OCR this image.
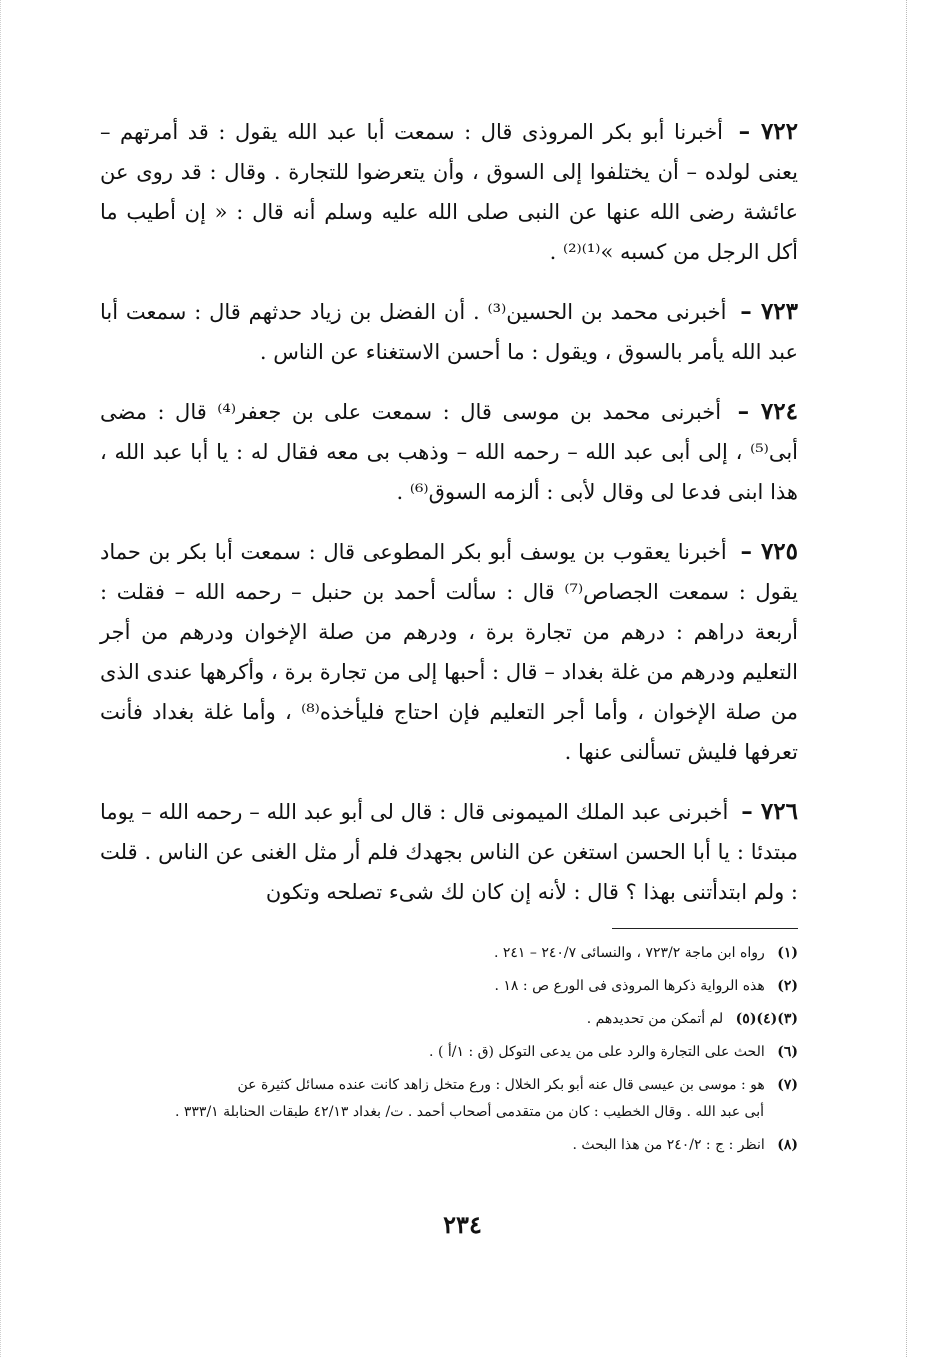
٧٢٢ – أخبرنا أبو بكر المروذى قال : سمعت أبا عبد الله يقول : قد أمرتهم – يعنى لولده – أن يختلفوا إلى السوق ، وأن يتعرضوا للتجارة . وقال : قد روى عن عائشة رضى الله عنها عن النبى صلى الله عليه وسلم أنه قال : « إن أطيب ما أكل الرجل من كسبه »⁽¹⁾⁽²⁾ .

٧٢٣ – أخبرنى محمد بن الحسين⁽³⁾ . أن الفضل بن زياد حدثهم قال : سمعت أبا عبد الله يأمر بالسوق ، ويقول : ما أحسن الاستغناء عن الناس .

٧٢٤ – أخبرنى محمد بن موسى قال : سمعت على بن جعفر⁽⁴⁾ قال : مضى أبى⁽⁵⁾ ، إلى أبى عبد الله – رحمه الله – وذهب بى معه فقال له : يا أبا عبد الله ، هذا ابنى فدعا لى وقال لأبى : ألزمه السوق⁽⁶⁾ .

٧٢٥ – أخبرنا يعقوب بن يوسف أبو بكر المطوعى قال : سمعت أبا بكر بن حماد يقول : سمعت الجصاص⁽⁷⁾ قال : سألت أحمد بن حنبل – رحمه الله – فقلت : أربعة دراهم : درهم من تجارة برة ، ودرهم من صلة الإخوان ودرهم من أجر التعليم ودرهم من غلة بغداد – قال : أحبها إلى من تجارة برة ، وأكرهها عندى الذى من صلة الإخوان ، وأما أجر التعليم فإن احتاج فليأخذه⁽⁸⁾ ، وأما غلة بغداد فأنت تعرفها فليش تسألنى عنها .

٧٢٦ – أخبرنى عبد الملك الميمونى قال : قال لى أبو عبد الله – رحمه الله – يوما مبتدئا : يا أبا الحسن استغن عن الناس بجهدك فلم أر مثل الغنى عن الناس . قلت : ولم ابتدأتنى بهذا ؟ قال : لأنه إن كان لك شىء تصلحه وتكون

(١) رواه ابن ماجة ٧٢٣/٢ ، والنسائى ٢٤٠/٧ – ٢٤١ .

(٢) هذه الرواية ذكرها المروذى فى الورع ص : ١٨ .

(٣)(٤)(٥) لم أتمكن من تحديدهم .

(٦) الحث على التجارة والرد على من يدعى التوكل (ق : ١/أ ) .

(٧) هو : موسى بن عيسى قال عنه أبو بكر الخلال : ورع متخل زاهد كانت عنده مسائل كثيرة عن
أبى عبد الله . وقال الخطيب : كان من متقدمى أصحاب أحمد . ت/ بغداد ٤٢/١٣ طبقات الحنابلة ٣٣٣/١ .

(٨) انظر : ج : ٢٤٠/٢ من هذا البحث .

٢٣٤
